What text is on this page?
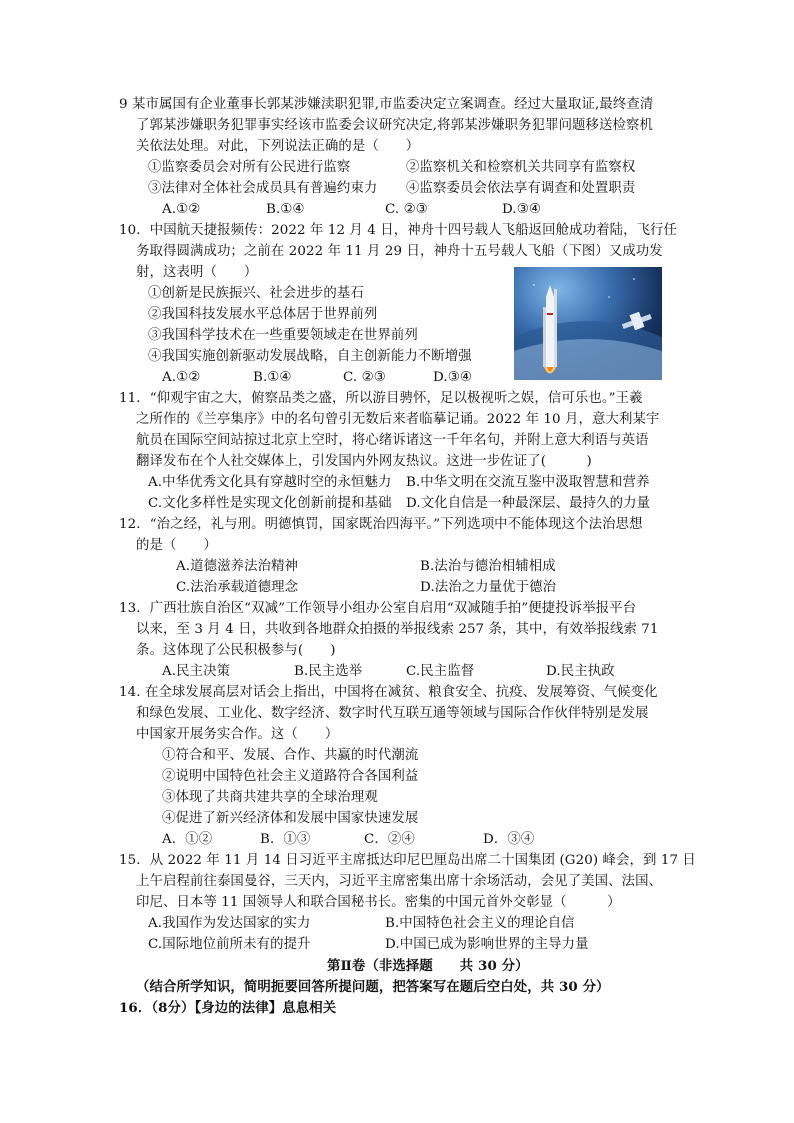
9 某市属国有企业董事长郭某涉嫌渎职犯罪,市监委决定立案调查。经过大量取证,最终查清
了郭某涉嫌职务犯罪事实经该市监委会议研究决定,将郭某涉嫌职务犯罪问题移送检察机
关依法处理。对此，下列说法正确的是（　　）
①监察委员会对所有公民进行监察	②监察机关和检察机关共同享有监察权
③法律对全体社会成员具有普遍约束力 ④监察委员会依法享有调查和处置职责
A.①②	B.①④	C. ②③	D.③④
10．中国航天捷报频传：2022 年 12 月 4 日，神舟十四号载人飞船返回舱成功着陆，飞行任
务取得圆满成功；之前在 2022 年 11 月 29 日，神舟十五号载人飞船（下图）又成功发
射，这表明（　　）
①创新是民族振兴、社会进步的基石
②我国科技发展水平总体居于世界前列
③我国科学技术在一些重要领域走在世界前列
④我国实施创新驱动发展战略，自主创新能力不断增强
A.①②	B.①④	C. ②③	D.③④
11．“仰观宇宙之大，俯察品类之盛，所以游目骋怀，足以极视听之娱，信可乐也。”王羲
之所作的《兰亭集序》中的名句曾引无数后来者临摹记诵。2022 年 10 月，意大利某宇
航员在国际空间站掠过北京上空时，将心绪诉诸这一千年名句，并附上意大利语与英语
翻译发布在个人社交媒体上，引发国内外网友热议。这进一步佐证了(　　　)
A.中华优秀文化具有穿越时空的永恒魅力 B.中华文明在交流互鉴中汲取智慧和营养
C.文化多样性是实现文化创新前提和基础 D.文化自信是一种最深层、最持久的力量
12．“治之经，礼与刑。明德慎罚，国家既治四海平。”下列选项中不能体现这个法治思想
的是（　　）
A.道德滋养法治精神	B.法治与德治相辅相成
C.法治承载道德理念	D.法治之力量优于德治
13．广西壮族自治区“双减”工作领导小组办公室自启用“双减随手拍”便捷投诉举报平台
以来，至 3 月 4 日，共收到各地群众拍摄的举报线索 257 条，其中，有效举报线索 71
条。这体现了公民积极参与(　　)
A.民主决策	B.民主选举	C.民主监督	D.民主执政
14. 在全球发展高层对话会上指出，中国将在减贫、粮食安全、抗疫、发展筹资、气候变化
和绿色发展、工业化、数字经济、数字时代互联互通等领域与国际合作伙伴特别是发展
中国家开展务实合作。这（　　）
①符合和平、发展、合作、共赢的时代潮流
②说明中国特色社会主义道路符合各国利益
③体现了共商共建共享的全球治理观
④促进了新兴经济体和发展中国家快速发展
A．①②	B．①③	C．②④	D．③④
15．从 2022 年 11 月 14 日习近平主席抵达印尼巴厘岛出席二十国集团 (G20) 峰会，到 17 日
上午启程前往泰国曼谷，三天内，习近平主席密集出席十余场活动，会见了美国、法国、
印尼、日本等 11 国领导人和联合国秘书长。密集的中国元首外交彰显（　　　）
A.我国作为发达国家的实力	B.中国特色社会主义的理论自信
C.国际地位前所未有的提升	D.中国已成为影响世界的主导力量
第Ⅱ卷（非选择题　　共 30 分）
（结合所学知识，简明扼要回答所提问题，把答案写在题后空白处，共 30 分）
16．（8分）【身边的法律】息息相关
